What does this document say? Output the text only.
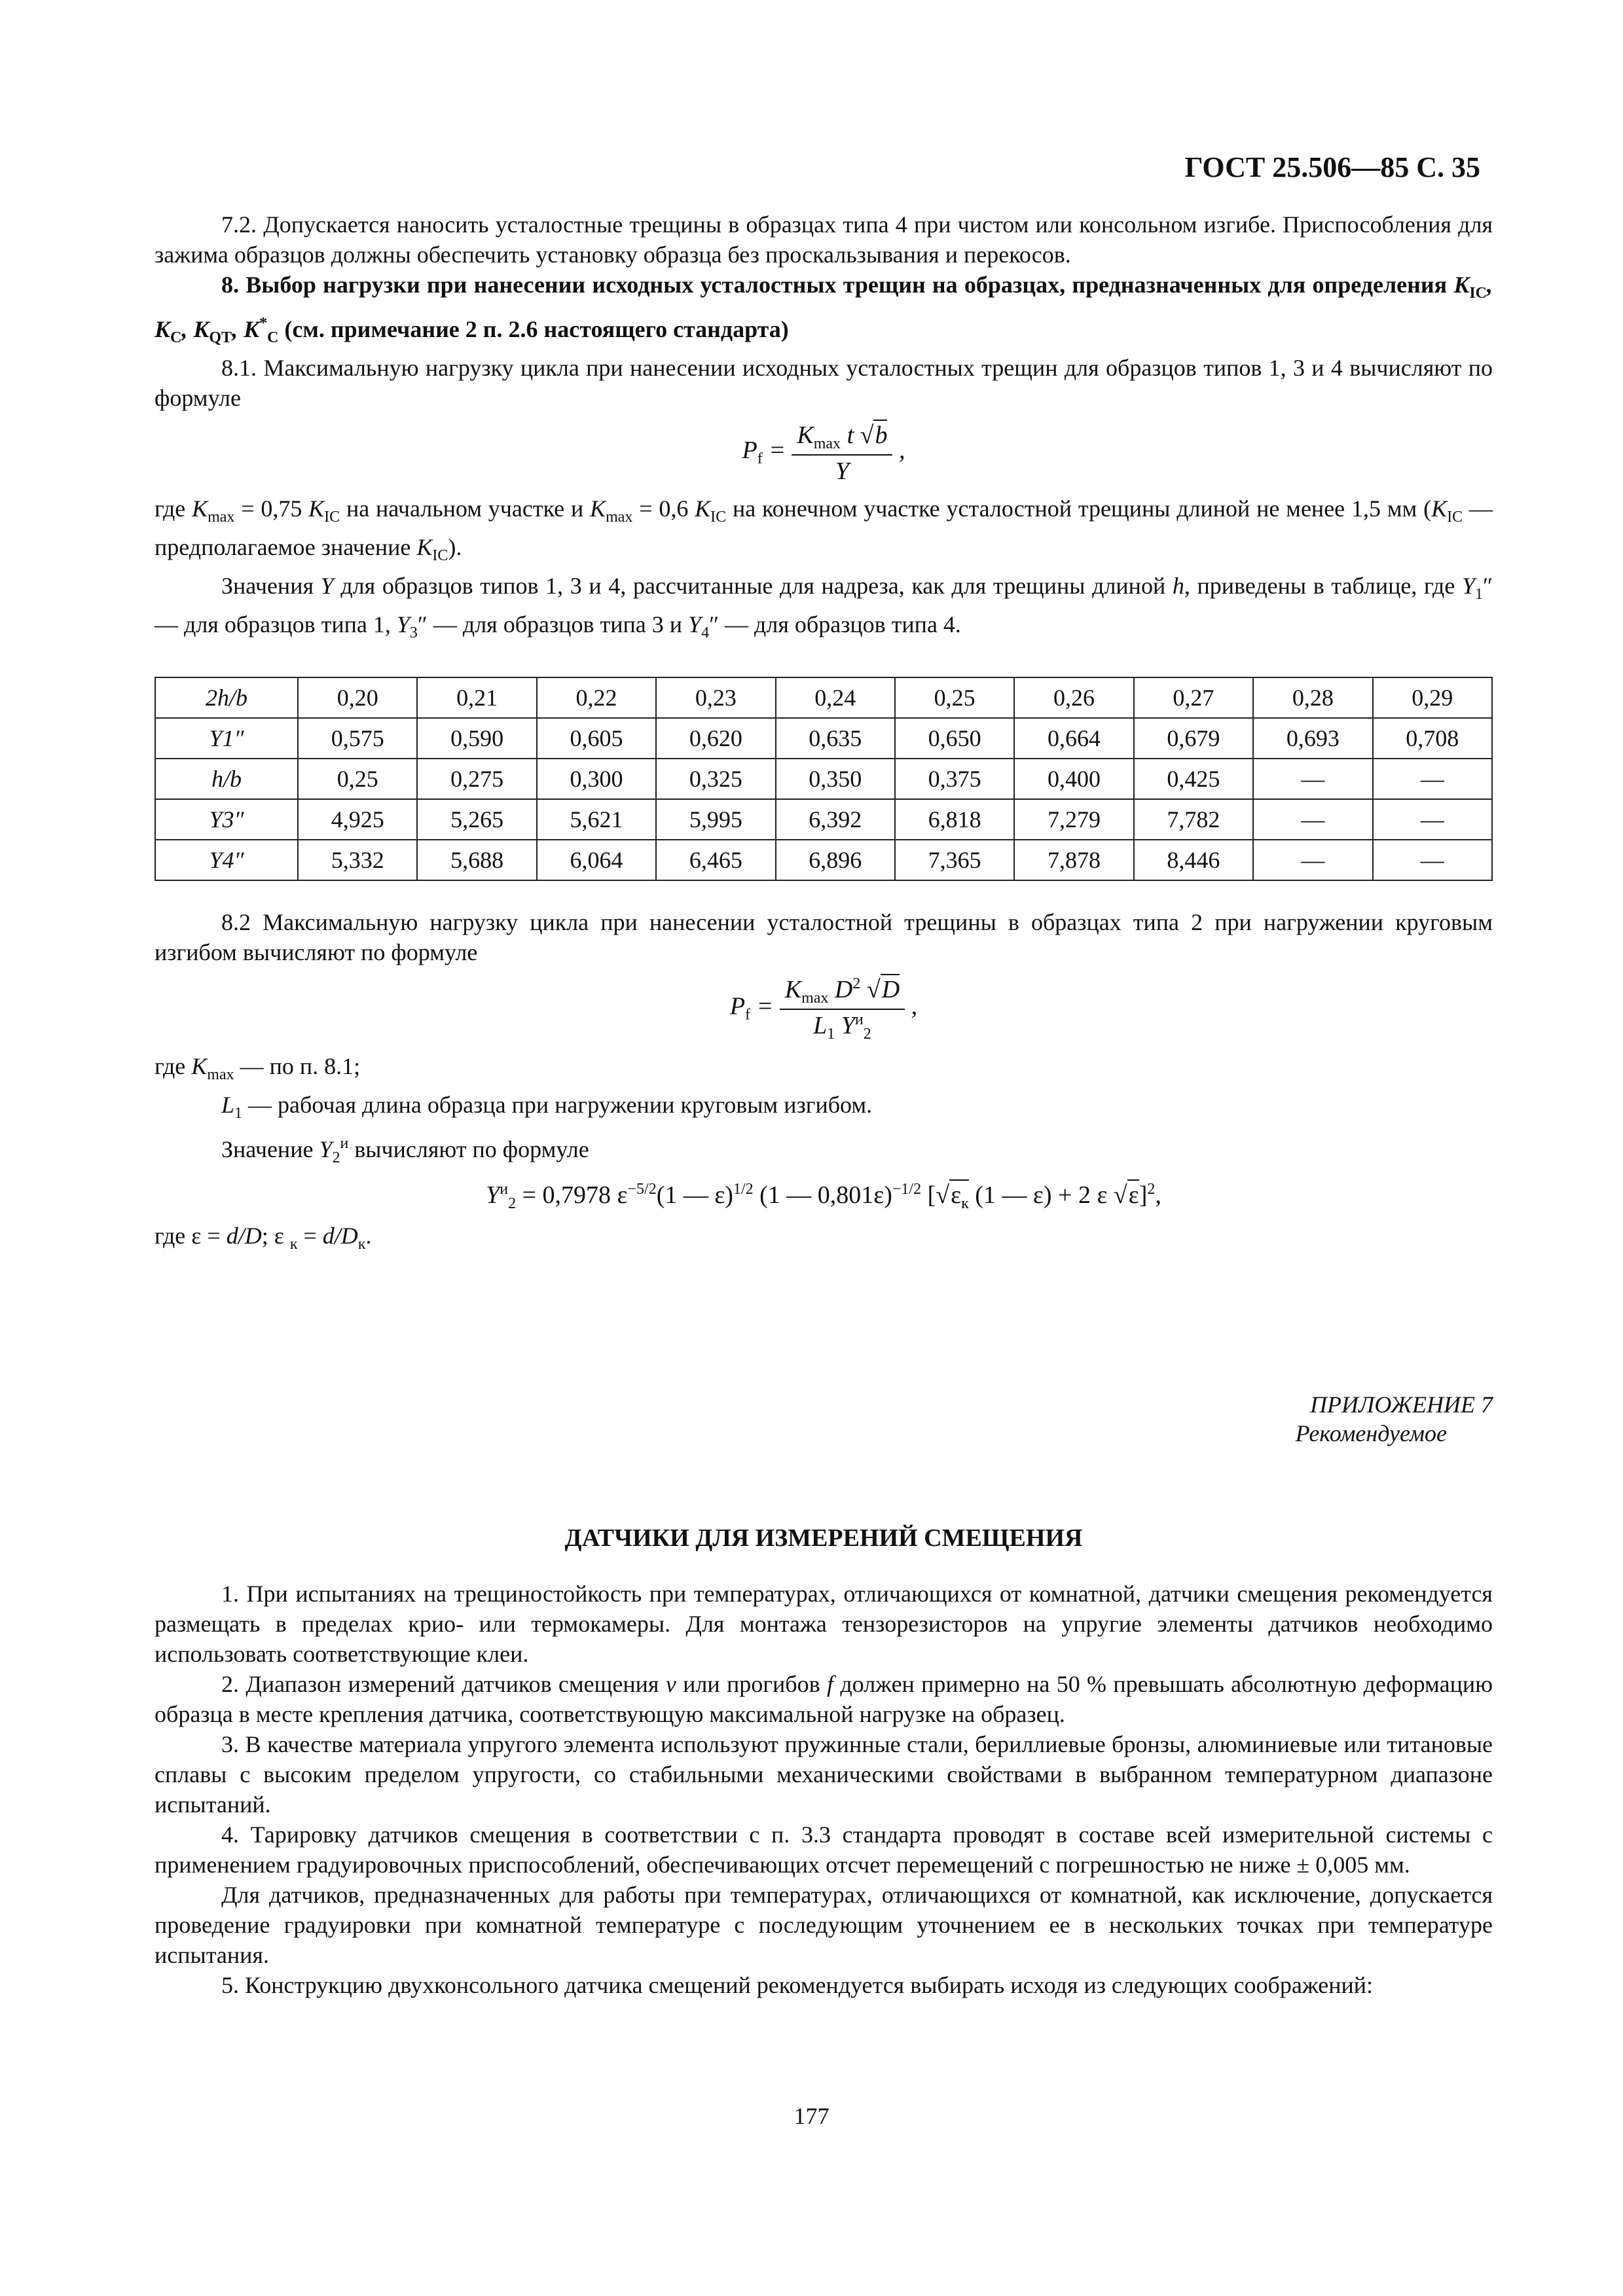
ГОСТ 25.506—85 С. 35

7.2. Допускается наносить усталостные трещины в образцах типа 4 при чистом или консольном изгибе. Приспособления для зажима образцов должны обеспечить установку образца без проскальзывания и перекосов.

8. Выбор нагрузки при нанесении исходных усталостных трещин на образцах, предназначенных для определения $K_{IC}$, $K_C$, $K_{QT}$, $K^*_C$ (см. примечание 2 п. 2.6 настоящего стандарта)

8.1. Максимальную нагрузку цикла при нанесении исходных усталостных трещин для образцов типов 1, 3 и 4 вычисляют по формуле

$P_f = \frac{K_{max} t √b}{Y}$ ,

где $K_{max} = 0,75$ $K_{IC}$ на начальном участке и $K_{max} = 0,6$ $K_{IC}$ на конечном участке усталостной трещины длиной не менее 1,5 мм ($K_{IC}$ — предполагаемое значение $K_{IC}$).

Значения Y для образцов типов 1, 3 и 4, рассчитанные для надреза, как для трещины длиной h, приведены в таблице, где $Y_1''$ — для образцов типа 1, $Y_3''$ — для образцов типа 3 и $Y_4''$ — для образцов типа 4.

2h/b	0,20	0,21	0,22	0,23	0,24	0,25	0,26	0,27	0,28	0,29
Y1″	0,575	0,590	0,605	0,620	0,635	0,650	0,664	0,679	0,693	0,708
h/b	0,25	0,275	0,300	0,325	0,350	0,375	0,400	0,425	—	—
Y3″	4,925	5,265	5,621	5,995	6,392	6,818	7,279	7,782	—	—
Y4″	5,332	5,688	6,064	6,465	6,896	7,365	7,878	8,446	—	—

8.2 Максимальную нагрузку цикла при нанесении усталостной трещины в образцах типа 2 при нагружении круговым изгибом вычисляют по формуле

$P_f = \frac{K_{max} D^2 √D}{L_1 Y^и_2}$ ,

где $K_{max}$ — по п. 8.1;

$L_1$ — рабочая длина образца при нагружении круговым изгибом.

Значение $Y_2^и$ вычисляют по формуле

$Y^и_2 = 0,7978$ $\varepsilon^{-5/2}(1$ — ε)$^{1/2}$ (1 — 0,801ε)$^{-1/2}$ [$√\varepsilon_к$ (1 — ε) + 2 ε √ε]$^2$,

где ε = d/D; ε $_к = d/D_к$.

ПРИЛОЖЕНИЕ 7
Рекомендуемое
ДАТЧИКИ ДЛЯ ИЗМЕРЕНИЙ СМЕЩЕНИЯ

1. При испытаниях на трещиностойкость при температурах, отличающихся от комнатной, датчики смещения рекомендуется размещать в пределах крио- или термокамеры. Для монтажа тензорезисторов на упругие элементы датчиков необходимо использовать соответствующие клеи.

2. Диапазон измерений датчиков смещения v или прогибов f должен примерно на 50 % превышать абсолютную деформацию образца в месте крепления датчика, соответствующую максимальной нагрузке на образец.

3. В качестве материала упругого элемента используют пружинные стали, бериллиевые бронзы, алюминиевые или титановые сплавы с высоким пределом упругости, со стабильными механическими свойствами в выбранном температурном диапазоне испытаний.

4. Тарировку датчиков смещения в соответствии с п. 3.3 стандарта проводят в составе всей измерительной системы с применением градуировочных приспособлений, обеспечивающих отсчет перемещений с погрешностью не ниже ± 0,005 мм.

Для датчиков, предназначенных для работы при температурах, отличающихся от комнатной, как исключение, допускается проведение градуировки при комнатной температуре с последующим уточнением ее в нескольких точках при температуре испытания.

5. Конструкцию двухконсольного датчика смещений рекомендуется выбирать исходя из следующих соображений:

177
